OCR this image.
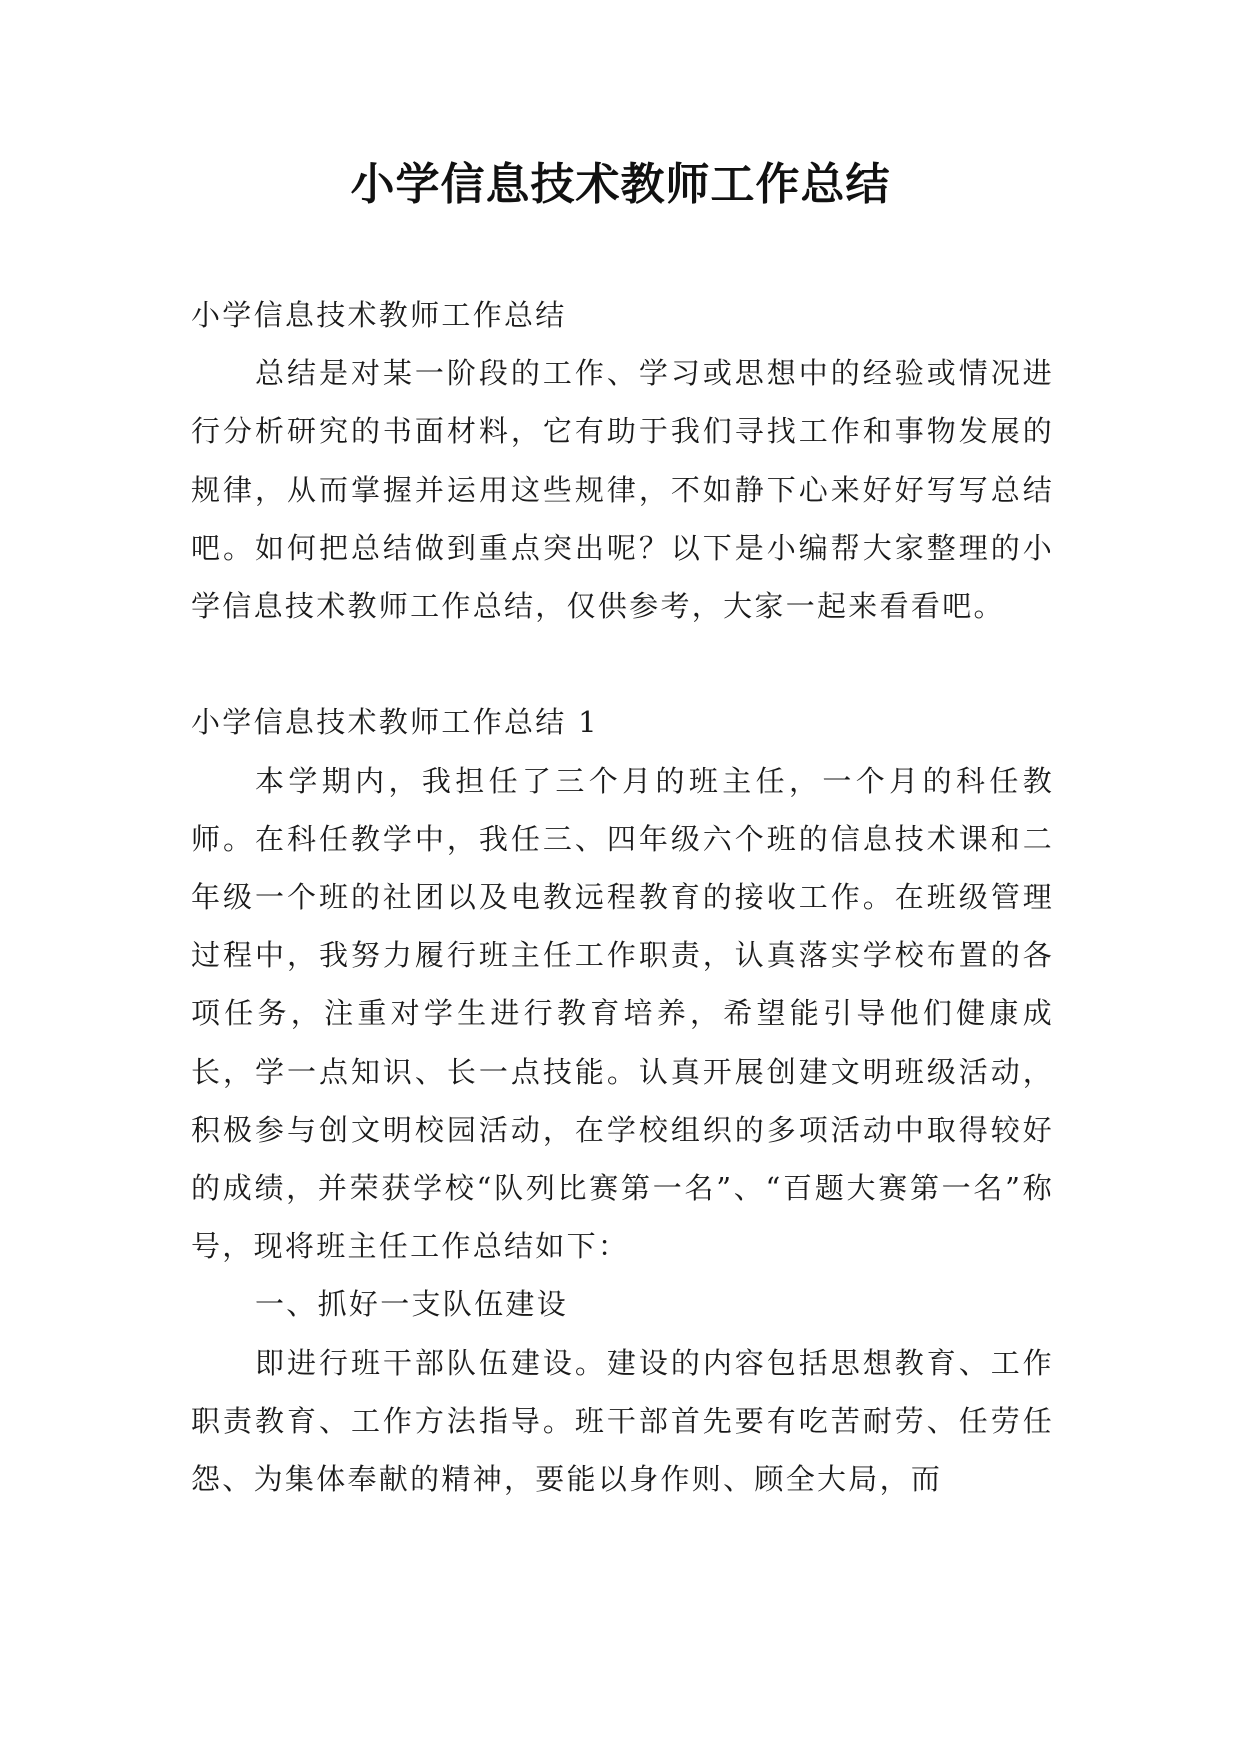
小学信息技术教师工作总结

小学信息技术教师工作总结

总结是对某一阶段的工作、学习或思想中的经验或情况进行分析研究的书面材料，它有助于我们寻找工作和事物发展的规律，从而掌握并运用这些规律，不如静下心来好好写写总结吧。如何把总结做到重点突出呢？以下是小编帮大家整理的小学信息技术教师工作总结，仅供参考，大家一起来看看吧。

小学信息技术教师工作总结 1

本学期内，我担任了三个月的班主任，一个月的科任教师。在科任教学中，我任三、四年级六个班的信息技术课和二年级一个班的社团以及电教远程教育的接收工作。在班级管理过程中，我努力履行班主任工作职责，认真落实学校布置的各项任务，注重对学生进行教育培养，希望能引导他们健康成长，学一点知识、长一点技能。认真开展创建文明班级活动，积极参与创文明校园活动，在学校组织的多项活动中取得较好的成绩，并荣获学校“队列比赛第一名”、“百题大赛第一名”称号，现将班主任工作总结如下：

一、抓好一支队伍建设

即进行班干部队伍建设。建设的内容包括思想教育、工作职责教育、工作方法指导。班干部首先要有吃苦耐劳、任劳任怨、为集体奉献的精神，要能以身作则、顾全大局，而
